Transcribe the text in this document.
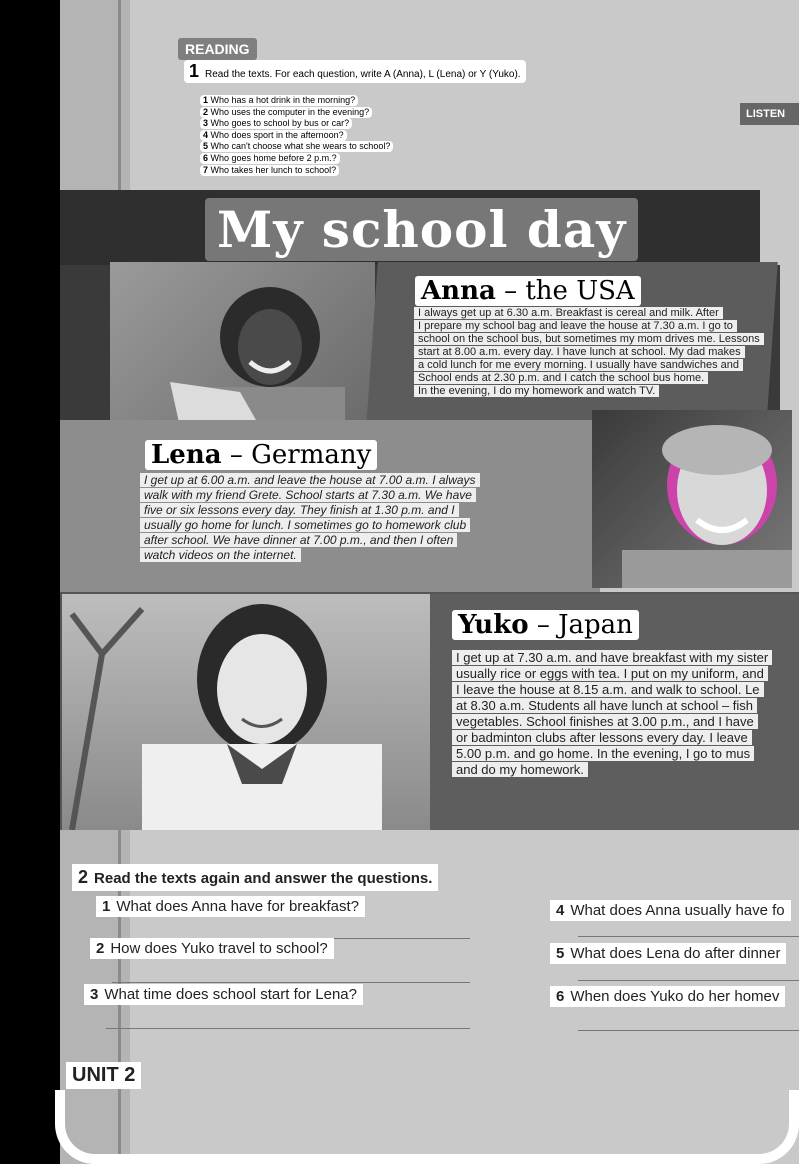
READING
1 Read the texts. For each question, write A (Anna), L (Lena) or Y (Yuko).
1 Who has a hot drink in the morning?
2 Who uses the computer in the evening?
3 Who goes to school by bus or car?
4 Who does sport in the afternoon?
5 Who can't choose what she wears to school?
6 Who goes home before 2 p.m.?
7 Who takes her lunch to school?
LISTEN
My school day
Anna – the USA
I always get up at 6.30 a.m. Breakfast is cereal and milk. After
I prepare my school bag and leave the house at 7.30 a.m. I go to
school on the school bus, but sometimes my mom drives me. Lessons
start at 8.00 a.m. every day. I have lunch at school. My dad makes
a cold lunch for me every morning. I usually have sandwiches and
School ends at 2.30 p.m. and I catch the school bus home.
In the evening, I do my homework and watch TV.
Lena – Germany
I get up at 6.00 a.m. and leave the house at 7.00 a.m. I always
walk with my friend Grete. School starts at 7.30 a.m. We have
five or six lessons every day. They finish at 1.30 p.m. and I
usually go home for lunch. I sometimes go to homework club
after school. We have dinner at 7.00 p.m., and then I often
watch videos on the internet.
Yuko – Japan
I get up at 7.30 a.m. and have breakfast with my sister
usually rice or eggs with tea. I put on my uniform, and
I leave the house at 8.15 a.m. and walk to school. Le
at 8.30 a.m. Students all have lunch at school – fish
vegetables. School finishes at 3.00 p.m., and I have
or badminton clubs after lessons every day. I leave
5.00 p.m. and go home. In the evening, I go to mus
and do my homework.
2 Read the texts again and answer the questions.
1 What does Anna have for breakfast?
2 How does Yuko travel to school?
3 What time does school start for Lena?
4 What does Anna usually have fo
5 What does Lena do after dinner
6 When does Yuko do her homev
UNIT 2
